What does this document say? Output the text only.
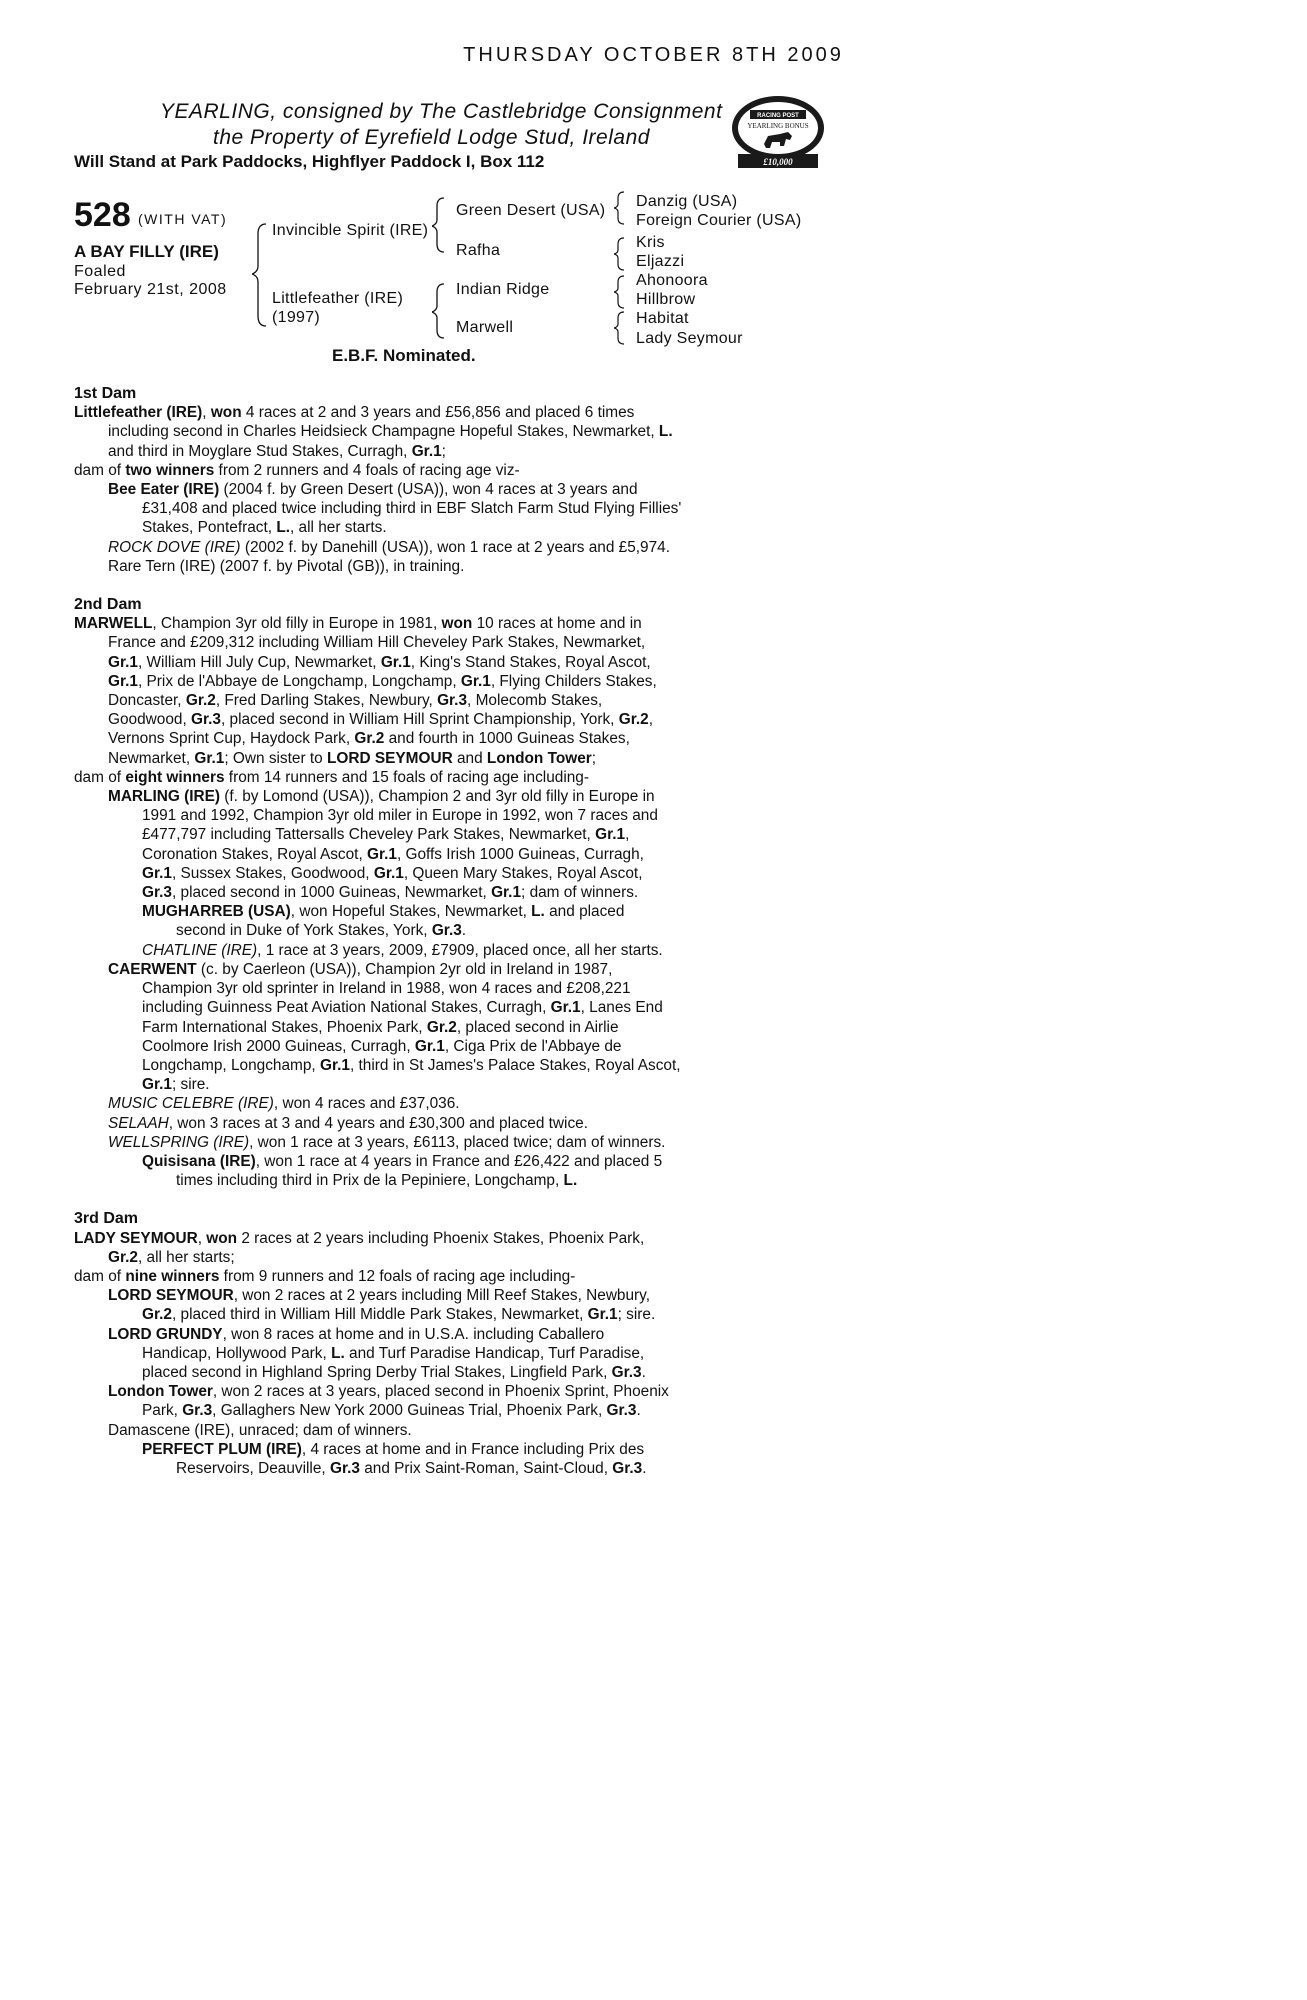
THURSDAY OCTOBER 8TH 2009
YEARLING, consigned by The Castlebridge Consignment
the Property of Eyrefield Lodge Stud, Ireland
Will Stand at Park Paddocks, Highflyer Paddock I, Box 112
RACING POST
YEARLING BONUS
£10,000
528 (WITH VAT)
A BAY FILLY (IRE)
Foaled
February 21st, 2008
Invincible Spirit (IRE)
Littlefeather (IRE)
(1997)
Green Desert (USA)
Rafha
Indian Ridge
Marwell
Danzig (USA)
Foreign Courier (USA)
Kris
Eljazzi
Ahonoora
Hillbrow
Habitat
Lady Seymour
E.B.F. Nominated.
1st Dam
Littlefeather (IRE), won 4 races at 2 and 3 years and £56,856 and placed 6 times
including second in Charles Heidsieck Champagne Hopeful Stakes, Newmarket, L.
and third in Moyglare Stud Stakes, Curragh, Gr.1;
dam of two winners from 2 runners and 4 foals of racing age viz-
Bee Eater (IRE) (2004 f. by Green Desert (USA)), won 4 races at 3 years and
£31,408 and placed twice including third in EBF Slatch Farm Stud Flying Fillies'
Stakes, Pontefract, L., all her starts.
ROCK DOVE (IRE) (2002 f. by Danehill (USA)), won 1 race at 2 years and £5,974.
Rare Tern (IRE) (2007 f. by Pivotal (GB)), in training.
2nd Dam
MARWELL, Champion 3yr old filly in Europe in 1981, won 10 races at home and in
France and £209,312 including William Hill Cheveley Park Stakes, Newmarket,
Gr.1, William Hill July Cup, Newmarket, Gr.1, King's Stand Stakes, Royal Ascot,
Gr.1, Prix de l'Abbaye de Longchamp, Longchamp, Gr.1, Flying Childers Stakes,
Doncaster, Gr.2, Fred Darling Stakes, Newbury, Gr.3, Molecomb Stakes,
Goodwood, Gr.3, placed second in William Hill Sprint Championship, York, Gr.2,
Vernons Sprint Cup, Haydock Park, Gr.2 and fourth in 1000 Guineas Stakes,
Newmarket, Gr.1; Own sister to LORD SEYMOUR and London Tower;
dam of eight winners from 14 runners and 15 foals of racing age including-
MARLING (IRE) (f. by Lomond (USA)), Champion 2 and 3yr old filly in Europe in
1991 and 1992, Champion 3yr old miler in Europe in 1992, won 7 races and
£477,797 including Tattersalls Cheveley Park Stakes, Newmarket, Gr.1,
Coronation Stakes, Royal Ascot, Gr.1, Goffs Irish 1000 Guineas, Curragh,
Gr.1, Sussex Stakes, Goodwood, Gr.1, Queen Mary Stakes, Royal Ascot,
Gr.3, placed second in 1000 Guineas, Newmarket, Gr.1; dam of winners.
MUGHARREB (USA), won Hopeful Stakes, Newmarket, L. and placed
second in Duke of York Stakes, York, Gr.3.
CHATLINE (IRE), 1 race at 3 years, 2009, £7909, placed once, all her starts.
CAERWENT (c. by Caerleon (USA)), Champion 2yr old in Ireland in 1987,
Champion 3yr old sprinter in Ireland in 1988, won 4 races and £208,221
including Guinness Peat Aviation National Stakes, Curragh, Gr.1, Lanes End
Farm International Stakes, Phoenix Park, Gr.2, placed second in Airlie
Coolmore Irish 2000 Guineas, Curragh, Gr.1, Ciga Prix de l'Abbaye de
Longchamp, Longchamp, Gr.1, third in St James's Palace Stakes, Royal Ascot,
Gr.1; sire.
MUSIC CELEBRE (IRE), won 4 races and £37,036.
SELAAH, won 3 races at 3 and 4 years and £30,300 and placed twice.
WELLSPRING (IRE), won 1 race at 3 years, £6113, placed twice; dam of winners.
Quisisana (IRE), won 1 race at 4 years in France and £26,422 and placed 5
times including third in Prix de la Pepiniere, Longchamp, L.
3rd Dam
LADY SEYMOUR, won 2 races at 2 years including Phoenix Stakes, Phoenix Park,
Gr.2, all her starts;
dam of nine winners from 9 runners and 12 foals of racing age including-
LORD SEYMOUR, won 2 races at 2 years including Mill Reef Stakes, Newbury,
Gr.2, placed third in William Hill Middle Park Stakes, Newmarket, Gr.1; sire.
LORD GRUNDY, won 8 races at home and in U.S.A. including Caballero
Handicap, Hollywood Park, L. and Turf Paradise Handicap, Turf Paradise,
placed second in Highland Spring Derby Trial Stakes, Lingfield Park, Gr.3.
London Tower, won 2 races at 3 years, placed second in Phoenix Sprint, Phoenix
Park, Gr.3, Gallaghers New York 2000 Guineas Trial, Phoenix Park, Gr.3.
Damascene (IRE), unraced; dam of winners.
PERFECT PLUM (IRE), 4 races at home and in France including Prix des
Reservoirs, Deauville, Gr.3 and Prix Saint-Roman, Saint-Cloud, Gr.3.
